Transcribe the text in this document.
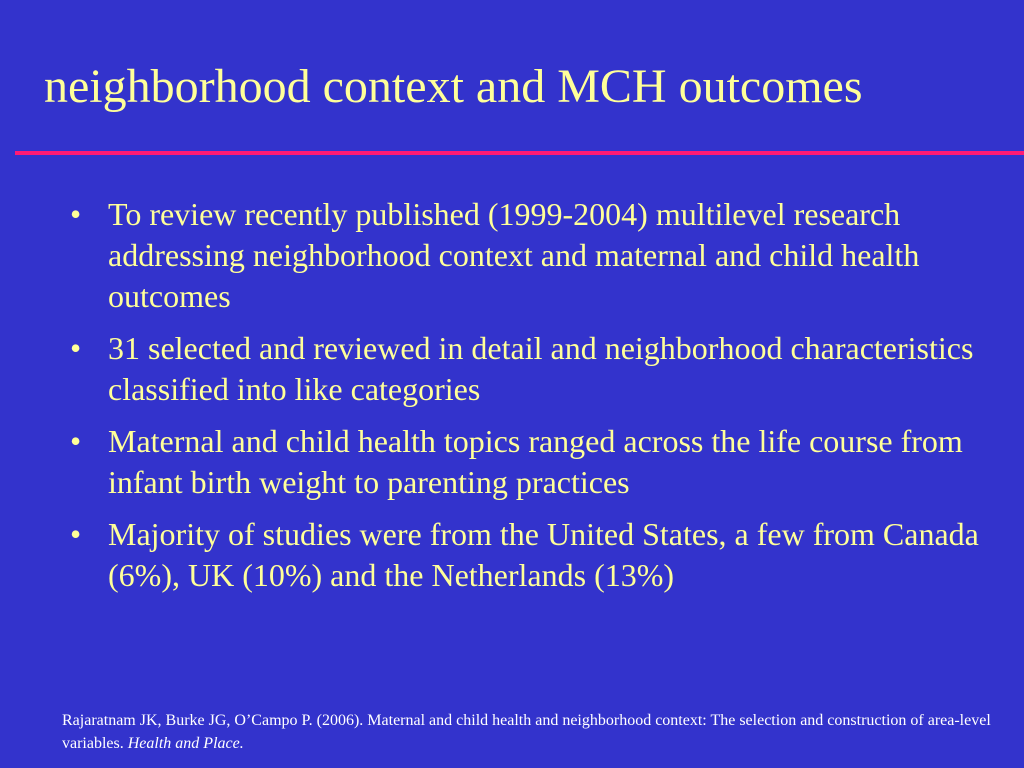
neighborhood context and MCH outcomes
• To review recently published (1999-2004) multilevel research addressing neighborhood context and maternal and child health outcomes
• 31 selected and reviewed in detail and neighborhood characteristics classified into like categories
• Maternal and child health topics ranged across the life course from infant birth weight to parenting practices
• Majority of studies were from the United States, a few from Canada (6%), UK (10%) and the Netherlands (13%)
Rajaratnam JK, Burke JG, O’Campo P. (2006). Maternal and child health and neighborhood context: The selection and construction of area-level variables. Health and Place.
